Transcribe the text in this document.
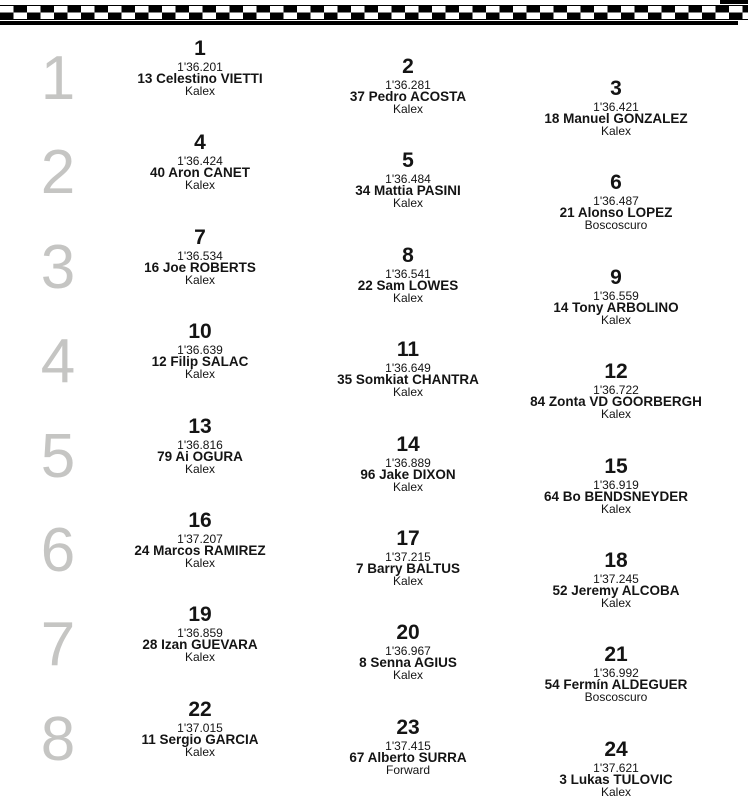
1	1
1'36.201
13 Celestino VIETTI
Kalex
2
1'36.281
37 Pedro ACOSTA
Kalex
3
1'36.421
18 Manuel GONZALEZ
Kalex
2	4
1'36.424
40 Aron CANET
Kalex
5
1'36.484
34 Mattia PASINI
Kalex
6
1'36.487
21 Alonso LOPEZ
Boscoscuro
3	7
1'36.534
16 Joe ROBERTS
Kalex
8
1'36.541
22 Sam LOWES
Kalex
9
1'36.559
14 Tony ARBOLINO
Kalex
4	10
1'36.639
12 Filip SALAC
Kalex
11
1'36.649
35 Somkiat CHANTRA
Kalex
12
1'36.722
84 Zonta VD GOORBERGH
Kalex
5	13
1'36.816
79 Ai OGURA
Kalex
14
1'36.889
96 Jake DIXON
Kalex
15
1'36.919
64 Bo BENDSNEYDER
Kalex
6	16
1'37.207
24 Marcos RAMIREZ
Kalex
17
1'37.215
7 Barry BALTUS
Kalex
18
1'37.245
52 Jeremy ALCOBA
Kalex
7	19
1'36.859
28 Izan GUEVARA
Kalex
20
1'36.967
8 Senna AGIUS
Kalex
21
1'36.992
54 Fermín ALDEGUER
Boscoscuro
8	22
1'37.015
11 Sergio GARCIA
Kalex
23
1'37.415
67 Alberto SURRA
Forward
24
1'37.621
3 Lukas TULOVIC
Kalex
